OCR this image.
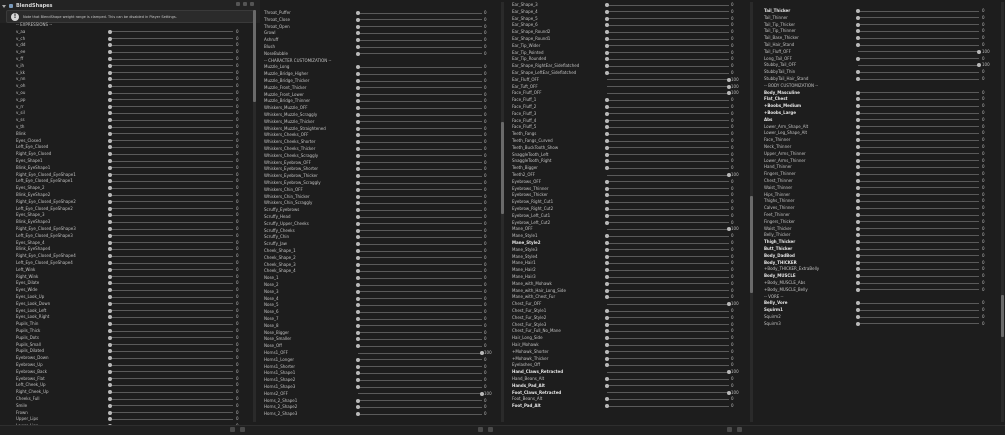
BlendShapes
!	Note that BlendShape weight range is clamped. This can be disabled in Player Settings.
-- EXPRESSIONS --
v_aa	0
v_ch	0
v_dd	0
v_ee	0
v_ff	0
v_ih	0
v_kk	0
v_nn	0
v_oh	0
v_ou	0
v_pp	0
v_rr	0
v_sil	0
v_ss	0
v_th	0
Blink	0
Eyes_Closed	0
Left_Eye_Closed	0
Right_Eye_Closed	0
Eyes_Shape1	0
Blink_EyeShape1	0
Right_Eye_Closed_EyeShape1	0
Left_Eye_Closed_EyeShape1	0
Eyes_Shape_2	0
Blink_EyeShape2	0
Right_Eye_Closed_EyeShape2	0
Left_Eye_Closed_EyeShape2	0
Eyes_Shape_3	0
Blink_EyeShape3	0
Right_Eye_Closed_EyeShape3	0
Left_Eye_Closed_EyeShape3	0
Eyes_Shape_4	0
Blink_EyeShape4	0
Right_Eye_Closed_EyeShape4	0
Left_Eye_Closed_EyeShape4	0
Left_Wink	0
Right_Wink	0
Eyes_Dilate	0
Eyes_Wide	0
Eyes_Look_Up	0
Eyes_Look_Down	0
Eyes_Look_Left	0
Eyes_Look_Right	0
Pupils_Thin	0
Pupils_Thick	0
Pupils_Dots	0
Pupils_Small	0
Pupils_Dilated	0
Eyebrows_Down	0
Eyebrows_Up	0
Eyebrows_Back	0
Eyebrows_Flat	0
Left_Cheek_Up	0
Right_Cheek_Up	0
Cheeks_Full	0
Smile	0
Frown	0
Upper_Lips	0
Throat_Puffer	0
Throat_Close	0
Throat_Open	0
Growl	0
Ashruff	0
Blush	0
NoseBubble	0
-- CHARACTER CUSTOMIZATION --
Muzzle_Long	0
Muzzle_Bridge_Higher	0
Muzzle_Bridge_Thicker	0
Muzzle_Front_Thicker	0
Muzzle_Front_Lower	0
Muzzle_Bridge_Thinner	0
Whiskers_Muzzle_OFF	0
Whiskers_Muzzle_Scraggly	0
Whiskers_Muzzle_Thicker	0
Whiskers_Muzzle_Straightened	0
Whiskers_Cheeks_OFF	0
Whiskers_Cheeks_Shorter	0
Whiskers_Cheeks_Thicker	0
Whiskers_Cheeks_Scraggly	0
Whiskers_Eyebrow_OFF	0
Whiskers_Eyebrow_Shorter	0
Whiskers_Eyebrow_Thicker	0
Whiskers_Eyebrow_Scraggly	0
Whiskers_Chin_OFF	0
Whiskers_Chin_Thicker	0
Whiskers_Chin_Scraggly	0
Scruffy_Eyebrows	0
Scruffy_Head	0
Scruffy_Upper_Cheeks	0
Scruffy_Cheeks	0
Scruffy_Chin	0
Scruffy_Jaw	0
Cheek_Shape_1	0
Cheek_Shape_2	0
Cheek_Shape_3	0
Cheek_Shape_4	0
Nose_1	0
Nose_2	0
Nose_3	0
Nose_4	0
Nose_5	0
Nose_6	0
Nose_7	0
Nose_8	0
Nose_Bigger	0
Nose_Smaller	0
Nose_Off	0
Horns1_OFF	100
Horns1_Longer	0
Horns1_Shorter	0
Horns1_Shape1	0
Horns1_Shape2	0
Horns1_Shape3	0
Horns2_OFF	100
Horns_2_Shape1	0
Horns_2_Shape2	0
Horns_2_Shape3	0
Ear_Shape_3	0
Ear_Shape_4	0
Ear_Shape_5	0
Ear_Shape_6	0
Ear_Shape_Round2	0
Ear_Shape_Round1	0
Ear_Tip_Wider	0
Ear_Tip_Pointed	0
Ear_Tip_Rounded	0
Ear_Shape_RightEar_Sideflatched	0
Ear_Shape_LeftEar_Sideflatched	0
Ear_Fluff_OFF	100
Ear_Tuft_OFF	100
Face_Fluff_OFF	100
Face_Fluff_1	0
Face_Fluff_2	0
Face_Fluff_3	0
Face_Fluff_4	0
Face_Fluff_5	0
Teeth_Fangs	0
Teeth_Fangs_Curved	0
Teeth_BuckTooth_Show	0
SnaggleTooth_Left	0
SnaggleTooth_Right	0
Teeth_Bigger	0
Teeth2_OFF	100
Eyebrows_OFF	0
Eyebrows_Thinner	0
Eyebrows_Thicker	0
Eyebrow_Right_Cut1	0
Eyebrow_Right_Cut2	0
Eyebrow_Left_Cut1	0
Eyebrow_Left_Cut2	0
Mane_OFF	100
Mane_Style1	0
Mane_Style2	0
Mane_Style3	0
Mane_Style4	0
Mane_Hair1	0
Mane_Hair2	0
Mane_Hair3	0
Mane_with_Mohawk	0
Mane_with_Hair_Long_Side	0
Mane_with_Chest_Fur	0
Chest_Fur_OFF	100
Chest_Fur_Style1	0
Chest_Fur_Style2	0
Chest_Fur_Style3	0
Chest_Fur_Full_No_Mane	0
Hair_Long_Side	0
Hair_Mohawk	0
+Mohawk_Shorter	0
+Mohawk_Thicker	0
Eyelashes_Off	0
Hand_Claws_Retracted	100
Hand_Beans_Alt	0
Hands_Pad_Alt	0
Foot_Claws_Retracted	100
Foot_Beans_Alt	0
Foot_Pad_Alt	0
Tail_Thicker	0
Tail_Thinner	0
Tail_Tip_Thicker	0
Tail_Tip_Thinner	0
Tail_Base_Thicker	0
Tail_Hair_Stand	0
Tail_Fluff_OFF	100
Long_Tail_OFF	0
Stubby_Tail_OFF	100
StubbyTail_Thin	0
StubbyTail_Hair_Stand	0
-- BODY CUSTOMIZATION --
Body_Masculine	0
Flat_Chest	0
+Boobs_Medium	0
+Boobs_Large	0
Abs	0
Lower_Arm_Shape_Alt	0
Lower_Leg_Shape_Alt	0
Face_Thinner	0
Neck_Thinner	0
Upper_Arms_Thinner	0
Lower_Arms_Thinner	0
Hand_Thinner	0
Fingers_Thinner	0
Chest_Thinner	0
Waist_Thinner	0
Hips_Thinner	0
Thighs_Thinner	0
Calves_Thinner	0
Feet_Thinner	0
Fingers_Thicker	0
Waist_Thicker	0
Belly_Thicker	0
Thigh_Thicker	0
Butt_Thicker	0
Body_DadBod	0
Body_THICKER	0
+Body_THICKER_ExtraBelly	0
Body_MUSCLE	0
+Body_MUSCLE_Abs	0
+Body_MUSCLE_Belly	0
-- VORE --
Belly_Vore	0
Squirm1	0
Squirm2	0
Squirm3	0
